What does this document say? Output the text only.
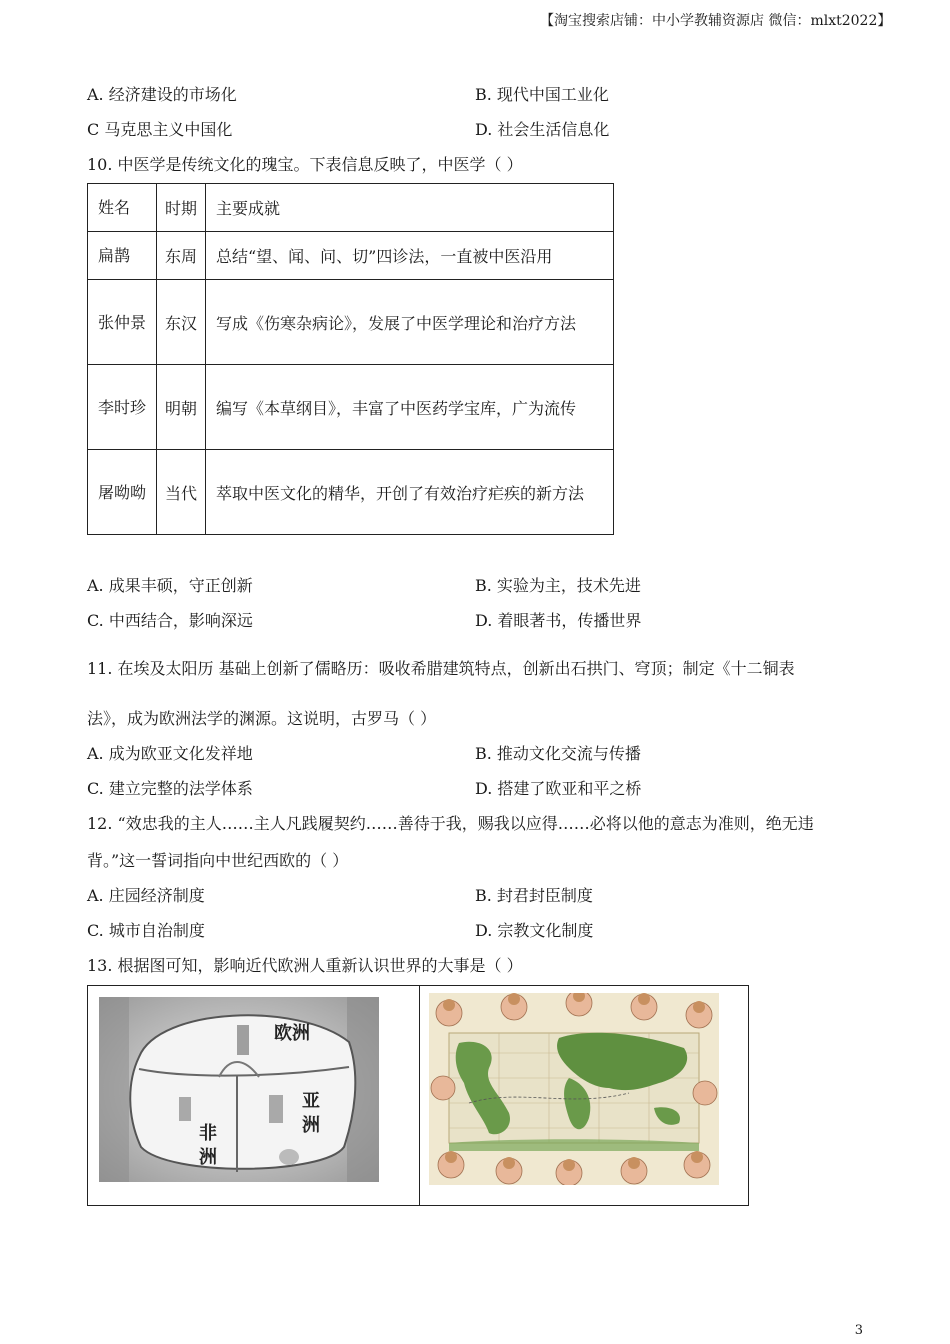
【淘宝搜索店铺：中小学教辅资源店 微信：mlxt2022】
A. 经济建设的市场化	B. 现代中国工业化
C 马克思主义中国化	D. 社会生活信息化
10. 中医学是传统文化的瑰宝。下表信息反映了，中医学（ ）
姓名	时期	主要成就
扁鹊	东周	总结“望、闻、问、切”四诊法，一直被中医沿用
张仲景	东汉	写成《伤寒杂病论》，发展了中医学理论和治疗方法
李时珍	明朝	编写《本草纲目》，丰富了中医药学宝库，广为流传
屠呦呦	当代	萃取中医文化的精华，开创了有效治疗疟疾的新方法
A. 成果丰硕，守正创新	B. 实验为主，技术先进
C. 中西结合，影响深远	D. 着眼著书，传播世界
11. 在埃及太阳历 基础上创新了儒略历：吸收希腊建筑特点，创新出石拱门、穹顶；制定《十二铜表
法》，成为欧洲法学的渊源。这说明，古罗马（ ）
A. 成为欧亚文化发祥地	B. 推动文化交流与传播
C. 建立完整的法学体系	D. 搭建了欧亚和平之桥
12. “效忠我的主人……主人凡践履契约……善待于我，赐我以应得……必将以他的意志为准则，绝无违
背。”这一誓词指向中世纪西欧的（ ）
A. 庄园经济制度	B. 封君封臣制度
C. 城市自治制度	D. 宗教文化制度
13. 根据图可知，影响近代欧洲人重新认识世界的大事是（ ）
欧洲
亚
洲
非
洲
3
